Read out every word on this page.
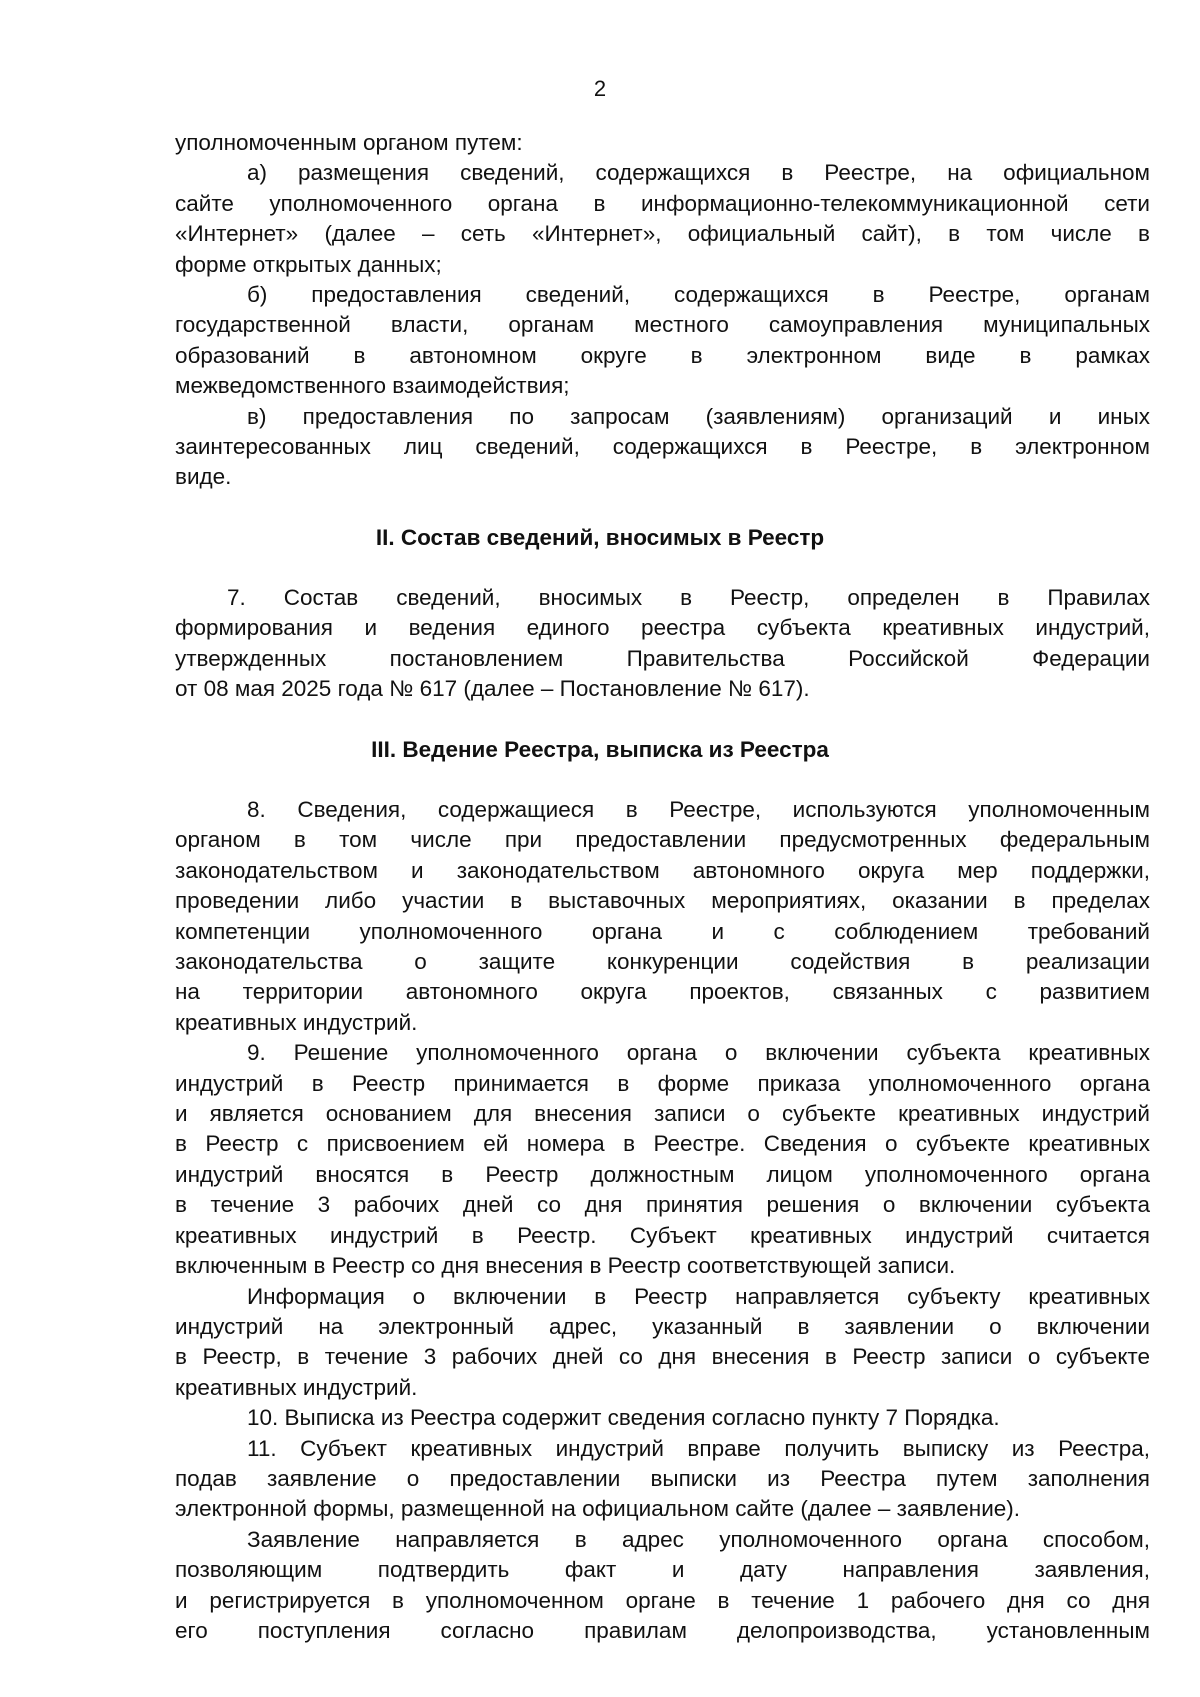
2
уполномоченным органом путем:
а) размещения сведений, содержащихся в Реестре, на официальном
сайте уполномоченного органа в информационно-телекоммуникационной сети
«Интернет» (далее – сеть «Интернет», официальный сайт), в том числе в
форме открытых данных;
б) предоставления сведений, содержащихся в Реестре, органам
государственной власти, органам местного самоуправления муниципальных
образований в автономном округе в электронном виде в рамках
межведомственного взаимодействия;
в) предоставления по запросам (заявлениям) организаций и иных
заинтересованных лиц сведений, содержащихся в Реестре, в электронном
виде.
II. Состав сведений, вносимых в Реестр
7. Состав сведений, вносимых в Реестр, определен в Правилах
формирования и ведения единого реестра субъекта креативных индустрий,
утвержденных постановлением Правительства Российской Федерации
от 08 мая 2025 года № 617 (далее – Постановление № 617).
III. Ведение Реестра, выписка из Реестра
8. Сведения, содержащиеся в Реестре, используются уполномоченным
органом в том числе при предоставлении предусмотренных федеральным
законодательством и законодательством автономного округа мер поддержки,
проведении либо участии в выставочных мероприятиях, оказании в пределах
компетенции уполномоченного органа и с соблюдением требований
законодательства о защите конкуренции содействия в реализации
на территории автономного округа проектов, связанных с развитием
креативных индустрий.
9. Решение уполномоченного органа о включении субъекта креативных
индустрий в Реестр принимается в форме приказа уполномоченного органа
и является основанием для внесения записи о субъекте креативных индустрий
в Реестр с присвоением ей номера в Реестре. Сведения о субъекте креативных
индустрий вносятся в Реестр должностным лицом уполномоченного органа
в течение 3 рабочих дней со дня принятия решения о включении субъекта
креативных индустрий в Реестр. Субъект креативных индустрий считается
включенным в Реестр со дня внесения в Реестр соответствующей записи.
Информация о включении в Реестр направляется субъекту креативных
индустрий на электронный адрес, указанный в заявлении о включении
в Реестр, в течение 3 рабочих дней со дня внесения в Реестр записи о субъекте
креативных индустрий.
10. Выписка из Реестра содержит сведения согласно пункту 7 Порядка.
11. Субъект креативных индустрий вправе получить выписку из Реестра,
подав заявление о предоставлении выписки из Реестра путем заполнения
электронной формы, размещенной на официальном сайте (далее – заявление).
Заявление направляется в адрес уполномоченного органа способом,
позволяющим подтвердить факт и дату направления заявления,
и регистрируется в уполномоченном органе в течение 1 рабочего дня со дня
его поступления согласно правилам делопроизводства, установленным
